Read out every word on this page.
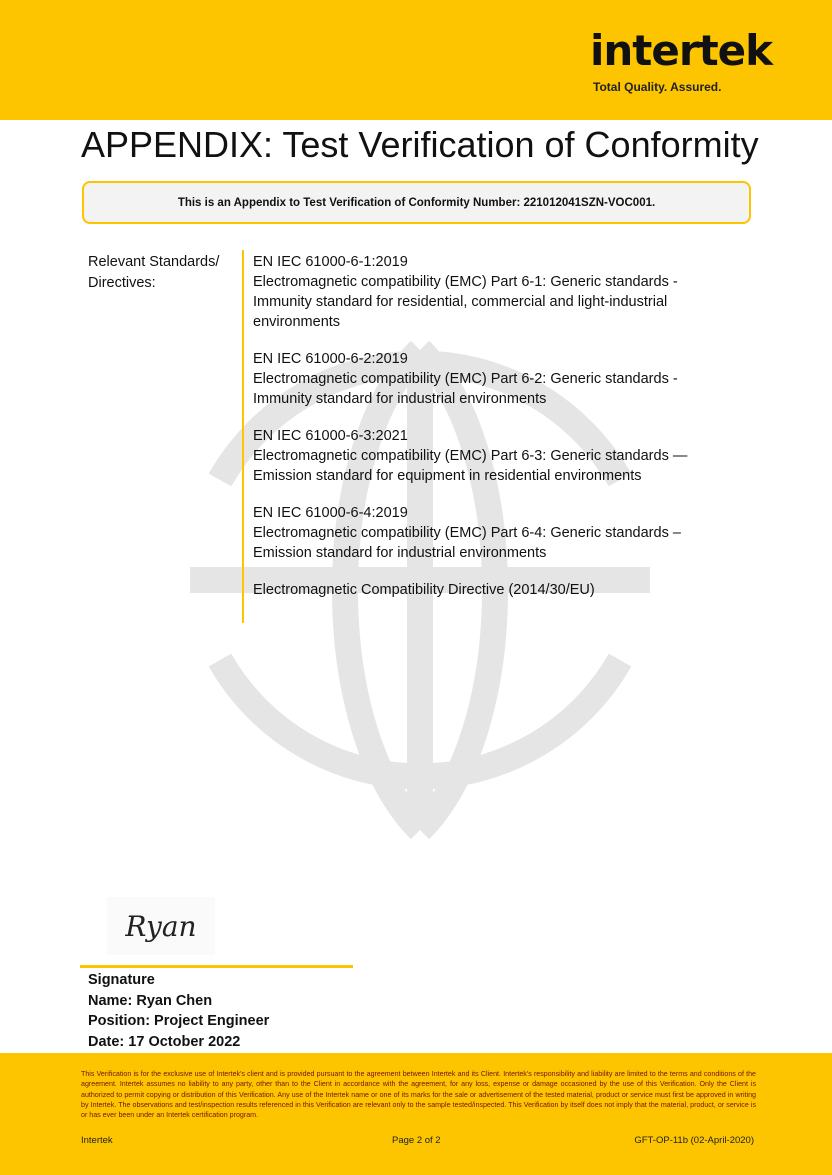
intertek
Total Quality. Assured.
APPENDIX: Test Verification of Conformity
This is an Appendix to Test Verification of Conformity Number: 221012041SZN-VOC001.
Relevant Standards/
Directives:
EN IEC 61000-6-1:2019
Electromagnetic compatibility (EMC) Part 6-1: Generic standards - Immunity standard for residential, commercial and light-industrial environments
EN IEC 61000-6-2:2019
Electromagnetic compatibility (EMC) Part 6-2: Generic standards - Immunity standard for industrial environments
EN IEC 61000-6-3:2021
Electromagnetic compatibility (EMC) Part 6-3: Generic standards — Emission standard for equipment in residential environments
EN IEC 61000-6-4:2019
Electromagnetic compatibility (EMC) Part 6-4: Generic standards – Emission standard for industrial environments
Electromagnetic Compatibility Directive (2014/30/EU)
Ryan
Signature
Name: Ryan Chen
Position: Project Engineer
Date: 17 October 2022
This Verification is for the exclusive use of Intertek's client and is provided pursuant to the agreement between Intertek and its Client. Intertek's responsibility and liability are limited to the terms and conditions of the agreement. Intertek assumes no liability to any party, other than to the Client in accordance with the agreement, for any loss, expense or damage occasioned by the use of this Verification. Only the Client is authorized to permit copying or distribution of this Verification. Any use of the Intertek name or one of its marks for the sale or advertisement of the tested material, product or service must first be approved in writing by Intertek. The observations and test/inspection results referenced in this Verification are relevant only to the sample tested/inspected. This Verification by itself does not imply that the material, product, or service is or has ever been under an Intertek certification program.
Intertek	Page 2 of 2	GFT-OP-11b (02-April-2020)
